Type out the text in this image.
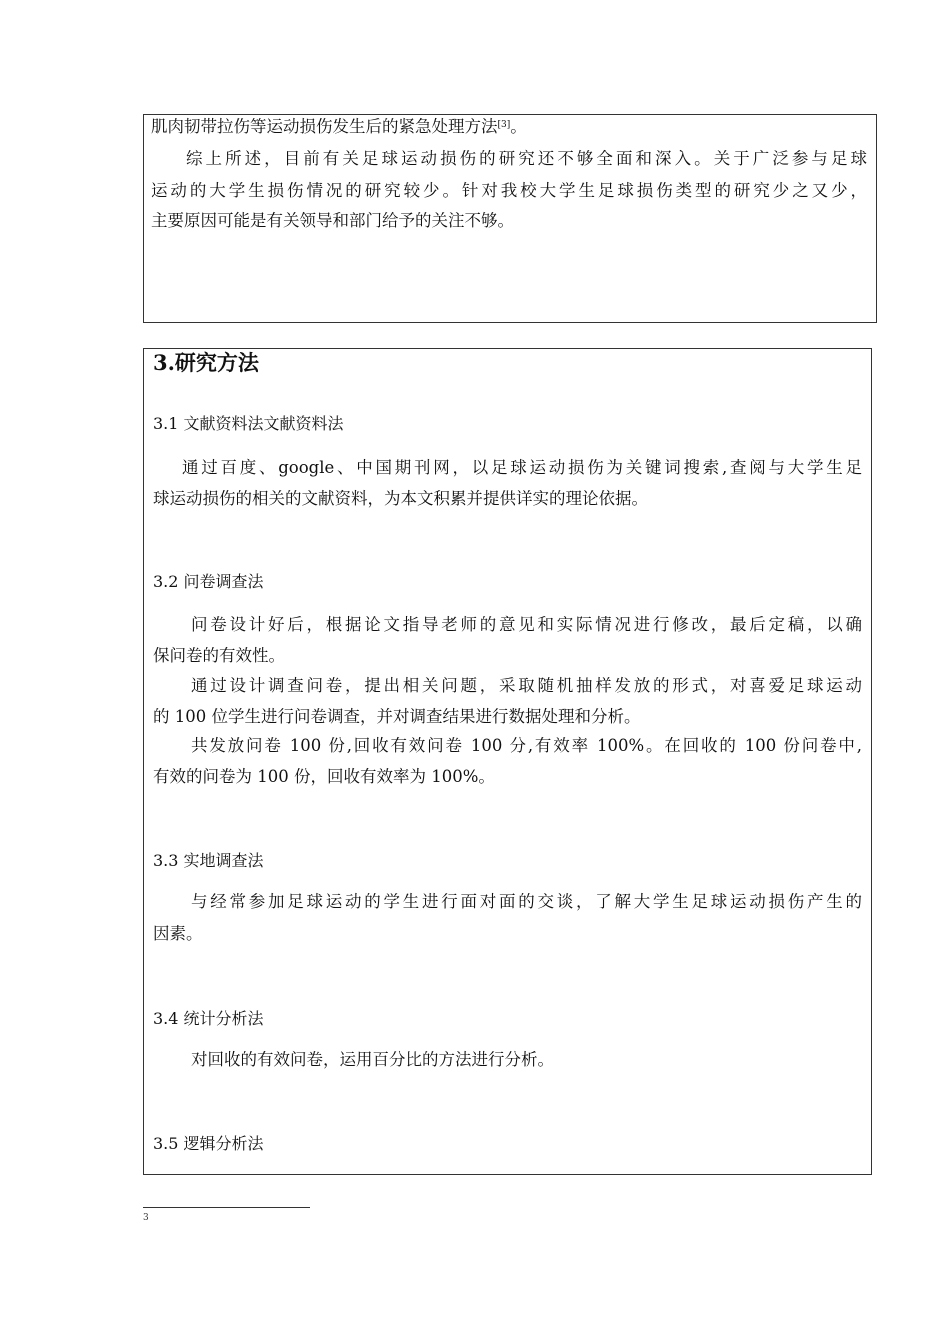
肌肉韧带拉伤等运动损伤发生后的紧急处理方法[3]。
综上所述，目前有关足球运动损伤的研究还不够全面和深入。关于广泛参与足球
运动的大学生损伤情况的研究较少。针对我校大学生足球损伤类型的研究少之又少，
主要原因可能是有关领导和部门给予的关注不够。
3.研究方法
3.1 文献资料法文献资料法
通过百度、google、中国期刊网，以足球运动损伤为关键词搜索,查阅与大学生足
球运动损伤的相关的文献资料，为本文积累并提供详实的理论依据。
3.2 问卷调查法
问卷设计好后，根据论文指导老师的意见和实际情况进行修改，最后定稿，以确
保问卷的有效性。
通过设计调查问卷，提出相关问题，采取随机抽样发放的形式，对喜爱足球运动
的 100 位学生进行问卷调查，并对调查结果进行数据处理和分析。
共发放问卷 100 份,回收有效问卷 100 分,有效率 100%。在回收的 100 份问卷中,
有效的问卷为 100 份，回收有效率为 100%。
3.3 实地调查法
与经常参加足球运动的学生进行面对面的交谈，了解大学生足球运动损伤产生的
因素。
3.4 统计分析法
对回收的有效问卷，运用百分比的方法进行分析。
3.5 逻辑分析法
3
